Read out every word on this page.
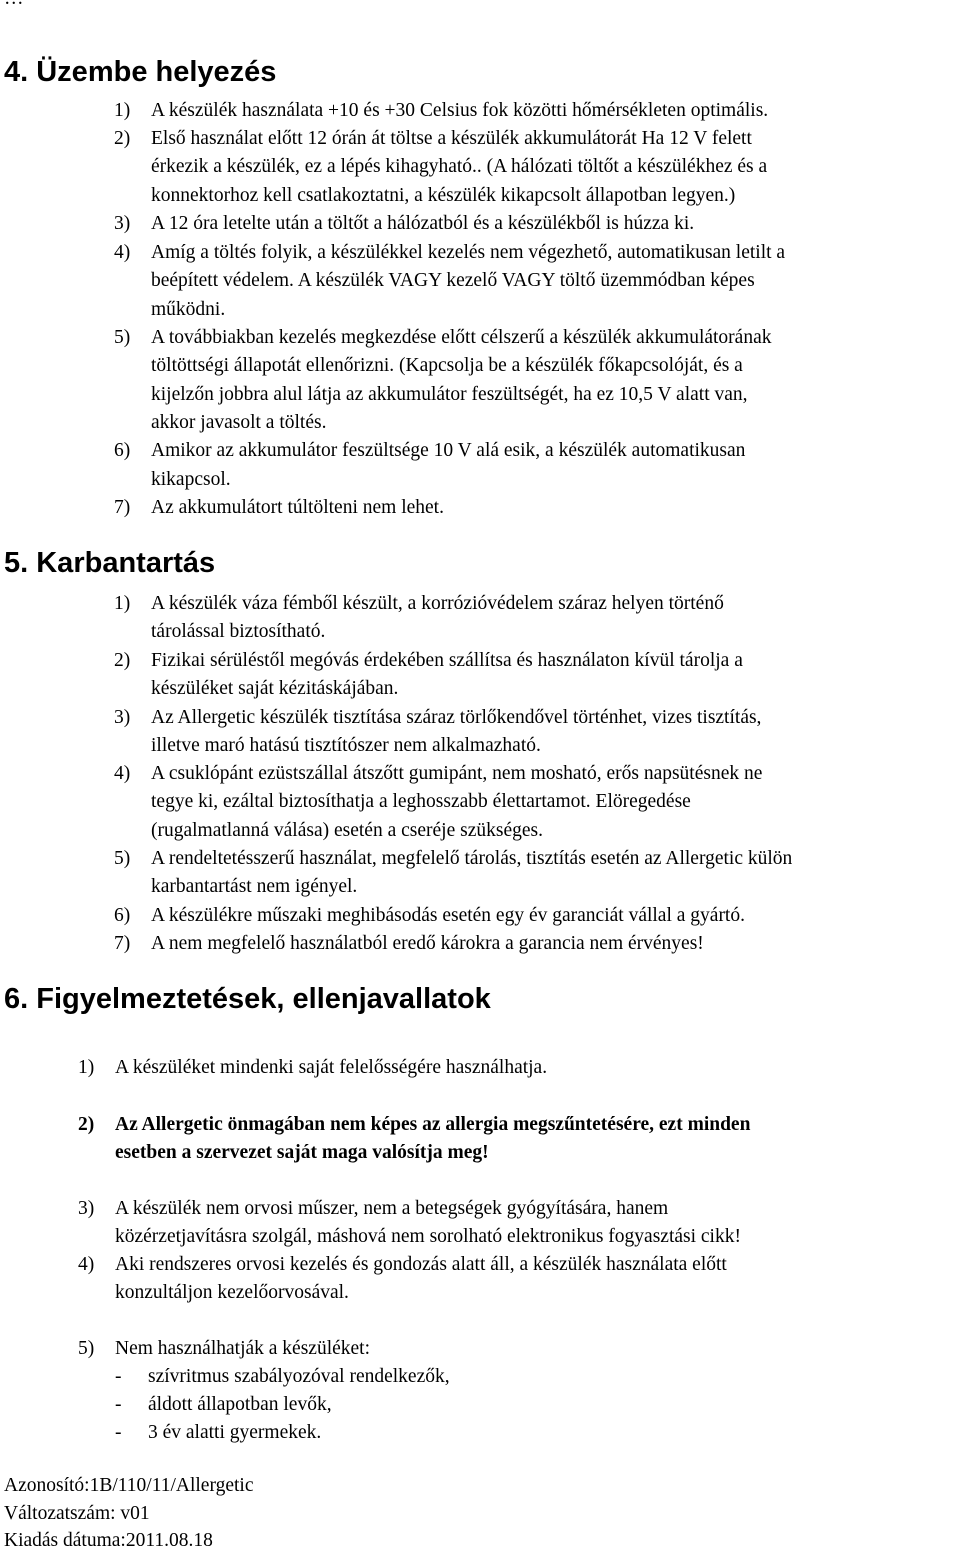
4. Üzembe helyezés
1) A készülék használata +10 és +30 Celsius fok közötti hőmérsékleten optimális.
2) Első használat előtt 12 órán át töltse a készülék akkumulátorát Ha 12 V felett
érkezik a készülék, ez a lépés kihagyható.. (A hálózati töltőt a készülékhez és a
konnektorhoz kell csatlakoztatni, a készülék kikapcsolt állapotban legyen.)
3) A 12 óra letelte után a töltőt a hálózatból és a készülékből is húzza ki.
4) Amíg a töltés folyik, a készülékkel kezelés nem végezhető, automatikusan letilt a
beépített védelem. A készülék VAGY kezelő VAGY töltő üzemmódban képes
működni.
5) A továbbiakban kezelés megkezdése előtt célszerű a készülék akkumulátorának
töltöttségi állapotát ellenőrizni. (Kapcsolja be a készülék főkapcsolóját, és a
kijelzőn jobbra alul látja az akkumulátor feszültségét, ha ez 10,5 V alatt van,
akkor javasolt a töltés.
6) Amikor az akkumulátor feszültsége 10 V alá esik, a készülék automatikusan
kikapcsol.
7) Az akkumulátort túltölteni nem lehet.
5. Karbantartás
1) A készülék váza fémből készült, a korrózióvédelem száraz helyen történő
tárolással biztosítható.
2) Fizikai sérüléstől megóvás érdekében szállítsa és használaton kívül tárolja a
készüléket saját kézitáskájában.
3) Az Allergetic készülék tisztítása száraz törlőkendővel történhet, vizes tisztítás,
illetve maró hatású tisztítószer nem alkalmazható.
4) A csuklópánt ezüstszállal átszőtt gumipánt, nem mosható, erős napsütésnek ne
tegye ki, ezáltal biztosíthatja a leghosszabb élettartamot. Elöregedése
(rugalmatlanná válása) esetén a cseréje szükséges.
5) A rendeltetésszerű használat, megfelelő tárolás, tisztítás esetén az Allergetic külön
karbantartást nem igényel.
6) A készülékre műszaki meghibásodás esetén egy év garanciát vállal a gyártó.
7) A nem megfelelő használatból eredő károkra a garancia nem érvényes!
6. Figyelmeztetések, ellenjavallatok
1) A készüléket mindenki saját felelősségére használhatja.
2) Az Allergetic önmagában nem képes az allergia megszűntetésére, ezt minden
esetben a szervezet saját maga valósítja meg!
3) A készülék nem orvosi műszer, nem a betegségek gyógyítására, hanem
közérzetjavításra szolgál, máshová nem sorolható elektronikus fogyasztási cikk!
4) Aki rendszeres orvosi kezelés és gondozás alatt áll, a készülék használata előtt
konzultáljon kezelőorvosával.
5) Nem használhatják a készüléket:
- szívritmus szabályozóval rendelkezők,
- áldott állapotban levők,
- 3 év alatti gyermekek.
Azonosító:1B/110/11/Allergetic
Változatszám: v01
Kiadás dátuma:2011.08.18
